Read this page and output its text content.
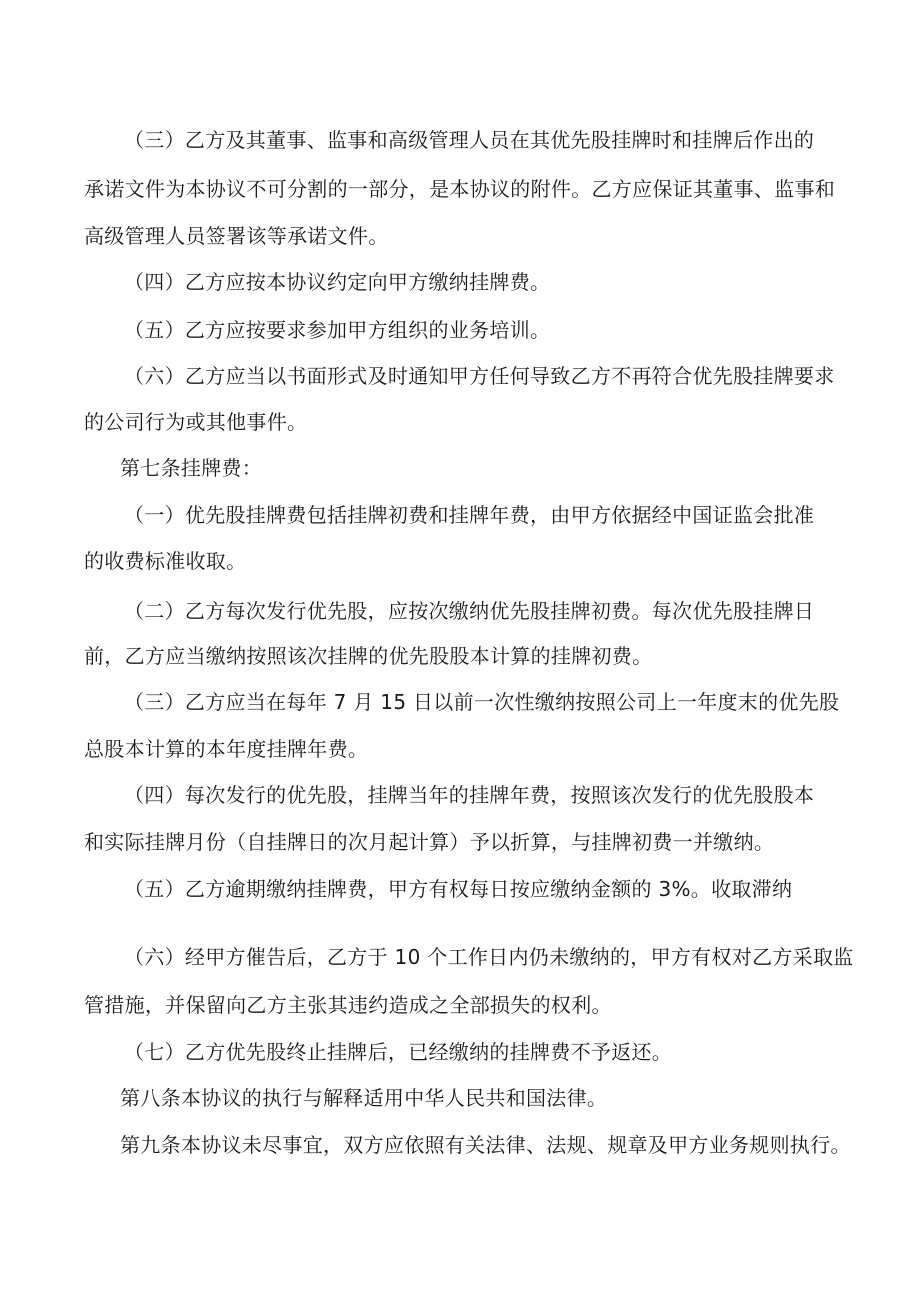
（三）乙方及其董事、监事和高级管理人员在其优先股挂牌时和挂牌后作出的
承诺文件为本协议不可分割的一部分，是本协议的附件。乙方应保证其董事、监事和
高级管理人员签署该等承诺文件。
（四）乙方应按本协议约定向甲方缴纳挂牌费。
（五）乙方应按要求参加甲方组织的业务培训。
（六）乙方应当以书面形式及时通知甲方任何导致乙方不再符合优先股挂牌要求
的公司行为或其他事件。
第七条挂牌费：
（一）优先股挂牌费包括挂牌初费和挂牌年费，由甲方依据经中国证监会批准
的收费标准收取。
（二）乙方每次发行优先股，应按次缴纳优先股挂牌初费。每次优先股挂牌日
前，乙方应当缴纳按照该次挂牌的优先股股本计算的挂牌初费。
（三）乙方应当在每年 7 月 15 日以前一次性缴纳按照公司上一年度末的优先股
总股本计算的本年度挂牌年费。
（四）每次发行的优先股，挂牌当年的挂牌年费，按照该次发行的优先股股本
和实际挂牌月份（自挂牌日的次月起计算）予以折算，与挂牌初费一并缴纳。
（五）乙方逾期缴纳挂牌费，甲方有权每日按应缴纳金额的 3%。收取滞纳
（六）经甲方催告后，乙方于 10 个工作日内仍未缴纳的，甲方有权对乙方采取监
管措施，并保留向乙方主张其违约造成之全部损失的权利。
（七）乙方优先股终止挂牌后，已经缴纳的挂牌费不予返还。
第八条本协议的执行与解释适用中华人民共和国法律。
第九条本协议未尽事宜，双方应依照有关法律、法规、规章及甲方业务规则执行。
